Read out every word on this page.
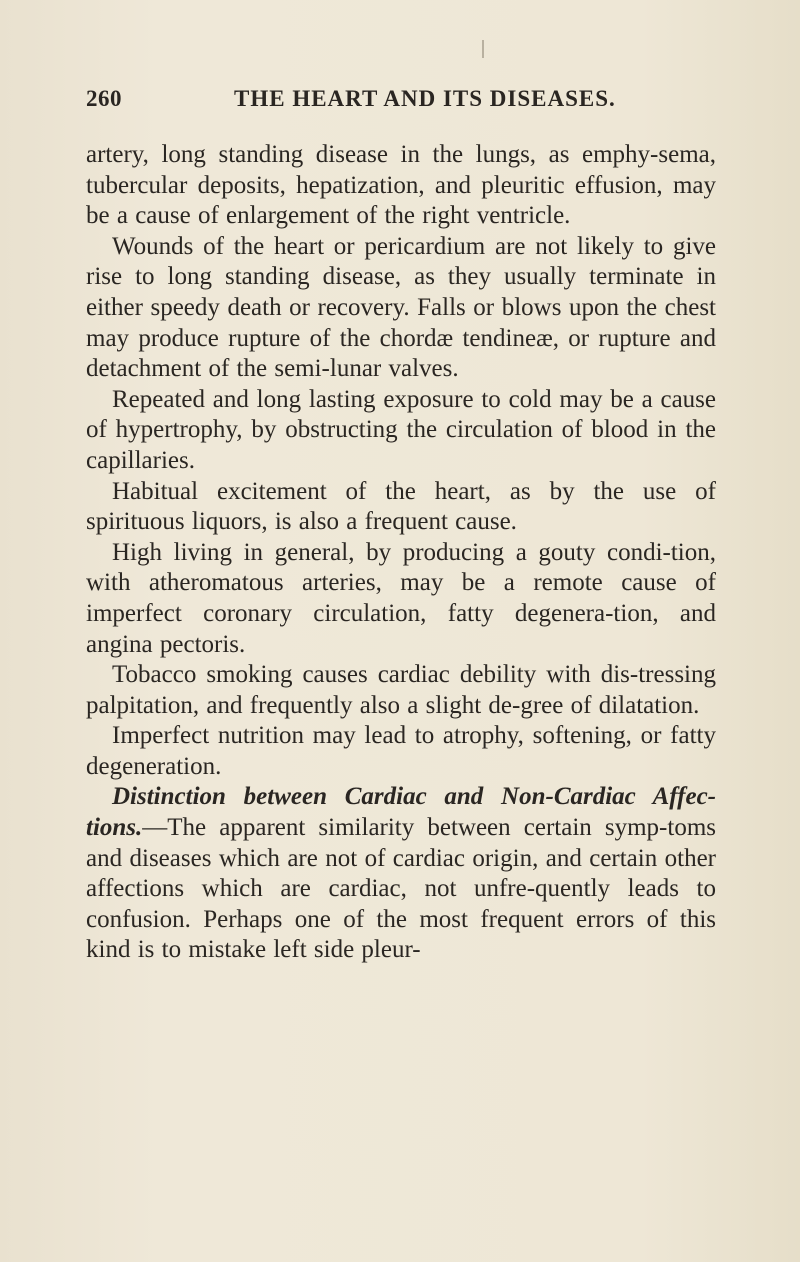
260	THE HEART AND ITS DISEASES.

artery, long standing disease in the lungs, as emphy-sema, tubercular deposits, hepatization, and pleuritic effusion, may be a cause of enlargement of the right ventricle.

Wounds of the heart or pericardium are not likely to give rise to long standing disease, as they usually terminate in either speedy death or recovery. Falls or blows upon the chest may produce rupture of the chordæ tendineæ, or rupture and detachment of the semi-lunar valves.

Repeated and long lasting exposure to cold may be a cause of hypertrophy, by obstructing the circulation of blood in the capillaries.

Habitual excitement of the heart, as by the use of spirituous liquors, is also a frequent cause.

High living in general, by producing a gouty condi-tion, with atheromatous arteries, may be a remote cause of imperfect coronary circulation, fatty degenera-tion, and angina pectoris.

Tobacco smoking causes cardiac debility with dis-tressing palpitation, and frequently also a slight de-gree of dilatation.

Imperfect nutrition may lead to atrophy, softening, or fatty degeneration.

Distinction between Cardiac and Non-Cardiac Affec-tions.—The apparent similarity between certain symp-toms and diseases which are not of cardiac origin, and certain other affections which are cardiac, not unfre-quently leads to confusion. Perhaps one of the most frequent errors of this kind is to mistake left side pleur-
